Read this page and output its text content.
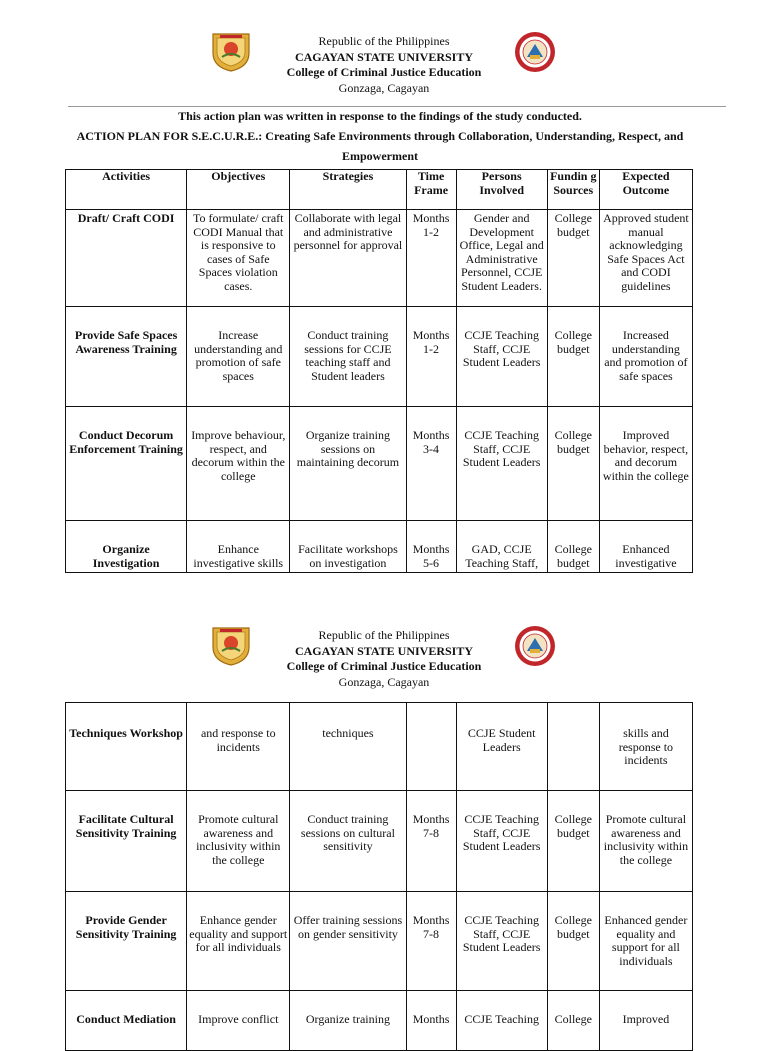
Republic of the Philippines
CAGAYAN STATE UNIVERSITY
College of Criminal Justice Education
Gonzaga, Cagayan
This action plan was written in response to the findings of the study conducted.
ACTION PLAN FOR S.E.C.U.R.E.: Creating Safe Environments through Collaboration, Understanding, Respect, and Empowerment
Activities	Objectives	Strategies	Time Frame	Persons Involved	Fundin g Sources	Expected Outcome
Draft/ Craft CODI	To formulate/ craft CODI Manual that is responsive to cases of Safe Spaces violation cases.	Collaborate with legal and administrative personnel for approval	Months 1-2	Gender and Development Office, Legal and Administrative Personnel, CCJE Student Leaders.	College budget	Approved student manual acknowledging Safe Spaces Act and CODI guidelines
Provide Safe Spaces Awareness Training	Increase understanding and promotion of safe spaces	Conduct training sessions for CCJE teaching staff and Student leaders	Months 1-2	CCJE Teaching Staff, CCJE Student Leaders	College budget	Increased understanding and promotion of safe spaces
Conduct Decorum Enforcement Training	Improve behaviour, respect, and decorum within the college	Organize training sessions on maintaining decorum	Months 3-4	CCJE Teaching Staff, CCJE Student Leaders	College budget	Improved behavior, respect, and decorum within the college
Organize Investigation	Enhance investigative skills	Facilitate workshops on investigation	Months 5-6	GAD, CCJE Teaching Staff,	College budget	Enhanced investigative
Republic of the Philippines
CAGAYAN STATE UNIVERSITY
College of Criminal Justice Education
Gonzaga, Cagayan
Techniques Workshop	and response to incidents	techniques		CCJE Student Leaders		skills and response to incidents
Facilitate Cultural Sensitivity Training	Promote cultural awareness and inclusivity within the college	Conduct training sessions on cultural sensitivity	Months 7-8	CCJE Teaching Staff, CCJE Student Leaders	College budget	Promote cultural awareness and inclusivity within the college
Provide Gender Sensitivity Training	Enhance gender equality and support for all individuals	Offer training sessions on gender sensitivity	Months 7-8	CCJE Teaching Staff, CCJE Student Leaders	College budget	Enhanced gender equality and support for all individuals
Conduct Mediation	Improve conflict	Organize training	Months	CCJE Teaching	College	Improved
